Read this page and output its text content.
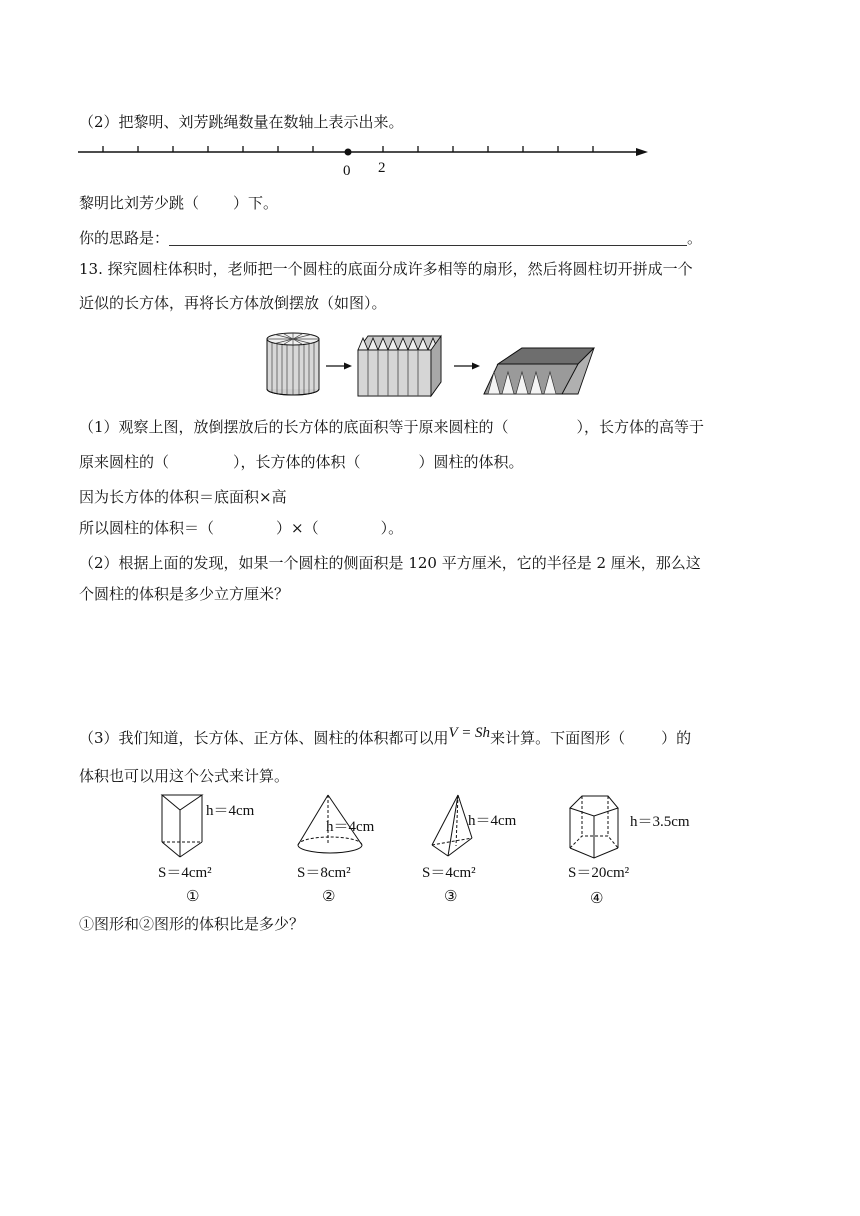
（2）把黎明、刘芳跳绳数量在数轴上表示出来。
0 2
黎明比刘芳少跳（ ）下。
你的思路是：	。
13. 探究圆柱体积时，老师把一个圆柱的底面分成许多相等的扇形，然后将圆柱切开拼成一个
近似的长方体，再将长方体放倒摆放（如图）。
（1）观察上图，放倒摆放后的长方体的底面积等于原来圆柱的（	），长方体的高等于
原来圆柱的（	），长方体的体积（	）圆柱的体积。
因为长方体的体积＝底面积×高
所以圆柱的体积＝（	）×（	）。
（2）根据上面的发现，如果一个圆柱的侧面积是 120 平方厘米，它的半径是 2 厘米，那么这
个圆柱的体积是多少立方厘米？
（3）我们知道，长方体、正方体、圆柱的体积都可以用V = Sh来计算。下面图形（ ）的
体积也可以用这个公式来计算。
h＝4cm
h＝4cm	h＝4cm	h＝3.5cm
S＝4cm²	S＝8cm²	S＝4cm²	S＝20cm²
①	②	③	④
①图形和②图形的体积比是多少？
